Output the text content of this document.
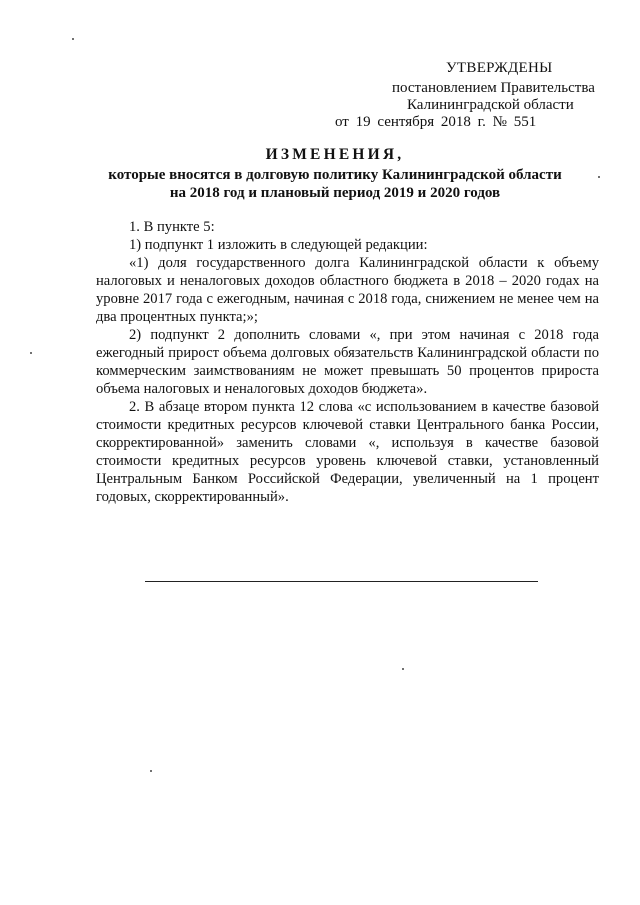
УТВЕРЖДЕНЫ
постановлением Правительства
Калининградской области
от 19 сентября 2018 г. № 551
ИЗМЕНЕНИЯ,
которые вносятся в долговую политику Калининградской области на 2018 год и плановый период 2019 и 2020 годов

1. В пункте 5:

1) подпункт 1 изложить в следующей редакции:

«1) доля государственного долга Калининградской области к объему налоговых и неналоговых доходов областного бюджета в 2018 – 2020 годах на уровне 2017 года с ежегодным, начиная с 2018 года, снижением не менее чем на два процентных пункта;»;

2) подпункт 2 дополнить словами «, при этом начиная с 2018 года ежегодный прирост объема долговых обязательств Калининградской области по коммерческим заимствованиям не может превышать 50 процентов прироста объема налоговых и неналоговых доходов бюджета».

2. В абзаце втором пункта 12 слова «с использованием в качестве базовой стоимости кредитных ресурсов ключевой ставки Центрального банка России, скорректированной» заменить словами «, используя в качестве базовой стоимости кредитных ресурсов уровень ключевой ставки, установленный Центральным Банком Российской Федерации, увеличенный на 1 процент годовых, скорректированный».
